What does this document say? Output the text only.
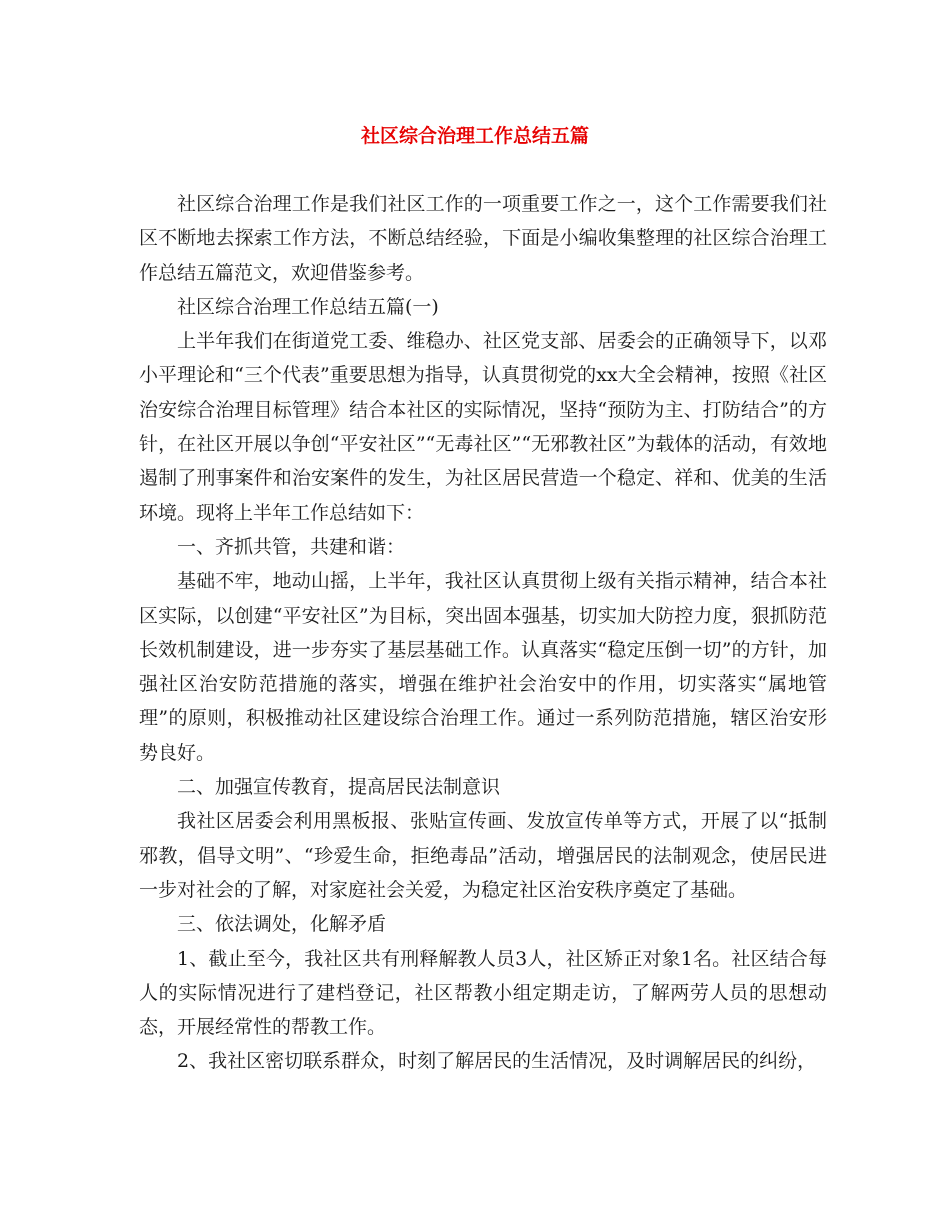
社区综合治理工作总结五篇

社区综合治理工作是我们社区工作的一项重要工作之一，这个工作需要我们社区不断地去探索工作方法，不断总结经验，下面是小编收集整理的社区综合治理工作总结五篇范文，欢迎借鉴参考。

社区综合治理工作总结五篇(一)

上半年我们在街道党工委、维稳办、社区党支部、居委会的正确领导下，以邓小平理论和“三个代表”重要思想为指导，认真贯彻党的xx大全会精神，按照《社区治安综合治理目标管理》结合本社区的实际情况，坚持“预防为主、打防结合”的方针，在社区开展以争创“平安社区”“无毒社区”“无邪教社区”为载体的活动，有效地遏制了刑事案件和治安案件的发生，为社区居民营造一个稳定、祥和、优美的生活环境。现将上半年工作总结如下：

一、齐抓共管，共建和谐：

基础不牢，地动山摇，上半年，我社区认真贯彻上级有关指示精神，结合本社区实际，以创建“平安社区”为目标，突出固本强基，切实加大防控力度，狠抓防范长效机制建设，进一步夯实了基层基础工作。认真落实“稳定压倒一切”的方针，加强社区治安防范措施的落实，增强在维护社会治安中的作用，切实落实“属地管理”的原则，积极推动社区建设综合治理工作。通过一系列防范措施，辖区治安形势良好。

二、加强宣传教育，提高居民法制意识

我社区居委会利用黑板报、张贴宣传画、发放宣传单等方式，开展了以“抵制邪教，倡导文明”、“珍爱生命，拒绝毒品”活动，增强居民的法制观念，使居民进一步对社会的了解，对家庭社会关爱，为稳定社区治安秩序奠定了基础。

三、依法调处，化解矛盾

1、截止至今，我社区共有刑释解教人员3人，社区矫正对象1名。社区结合每人的实际情况进行了建档登记，社区帮教小组定期走访，了解两劳人员的思想动态，开展经常性的帮教工作。

2、我社区密切联系群众，时刻了解居民的生活情况，及时调解居民的纠纷，
